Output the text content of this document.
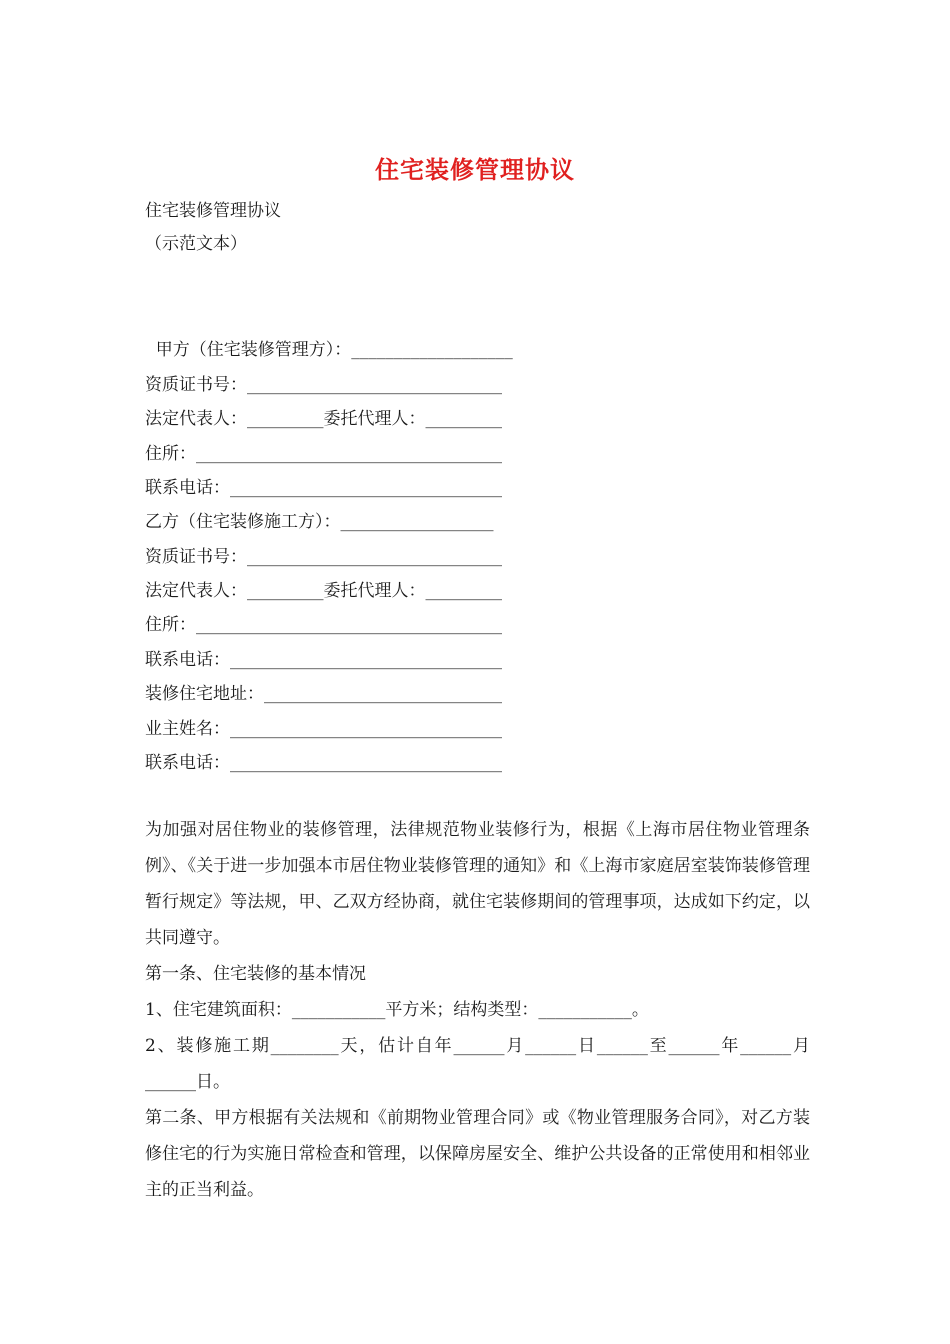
住宅装修管理协议
住宅装修管理协议
（示范文本）
甲方（住宅装修管理方）：___________________
资质证书号：______________________________
法定代表人：_________委托代理人：_________
住所：____________________________________
联系电话：________________________________
乙方（住宅装修施工方）：__________________
资质证书号：______________________________
法定代表人：_________委托代理人：_________
住所：____________________________________
联系电话：________________________________
装修住宅地址：____________________________
业主姓名：________________________________
联系电话：________________________________

为加强对居住物业的装修管理，法律规范物业装修行为，根据《上海市居住物业管理条例》、《关于进一步加强本市居住物业装修管理的通知》和《上海市家庭居室装饰装修管理暂行规定》等法规，甲、乙双方经协商，就住宅装修期间的管理事项，达成如下约定，以共同遵守。

第一条、住宅装修的基本情况

1、住宅建筑面积：___________平方米；结构类型：___________。

2、装修施工期________天，估计自年______月______日______至______年______月______日。

第二条、甲方根据有关法规和《前期物业管理合同》或《物业管理服务合同》，对乙方装修住宅的行为实施日常检查和管理，以保障房屋安全、维护公共设备的正常使用和相邻业主的正当利益。
